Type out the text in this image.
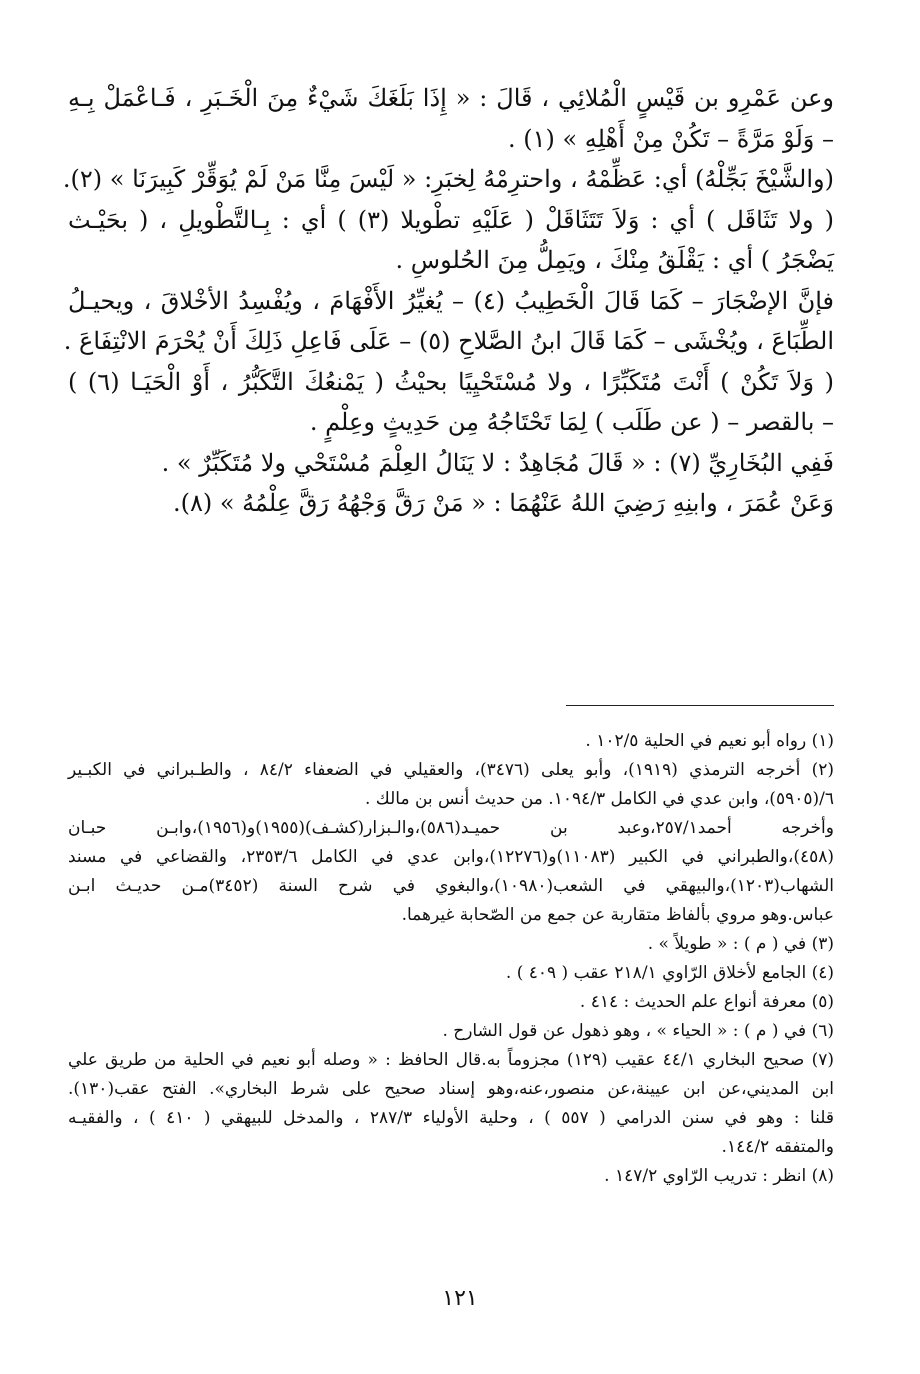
وعن عَمْرِو بن قَيْسٍ الْمُلائِي ، قَالَ : « إِذَا بَلَغَكَ شَيْءٌ مِنَ الْخَـبَرِ ، فَـاعْمَلْ بِـهِ
– وَلَوْ مَرَّةً – تَكُنْ مِنْ أَهْلِهِ » (١) .
(والشَّيْخَ بَجِّلْهُ) أي: عَظِّمْهُ ، واحترِمْهُ لِخبَرِ: « لَيْسَ مِنَّا مَنْ لَمْ يُوَقِّرْ كَبِيرَنَا » (٢).
( ولا تَثَاقَل ) أي : وَلاَ تَتَثَاقَلْ ( عَلَيْهِ تطْويلا (٣) ) أي : بِـالتَّطْويلِ ، ( بحَيْـث
يَضْجَرُ ) أي : يَقْلَقُ مِنْكَ ، ويَمِلُّ مِنَ الحُلوسِ .
فإنَّ الإضْجَارَ – كَمَا قَالَ الْخَطِيبُ (٤) – يُغيِّرُ الأَفْهَامَ ، ويُفْسِدُ الأخْلاقَ ، ويحيـلُ
الطِّبَاعَ ، ويُخْشَى – كَمَا قَالَ ابنُ الصَّلاحِ (٥) – عَلَى فَاعِلِ ذَلِكَ أَنْ يُحْرَمَ الانْتِفَاعَ .
( وَلاَ تَكُنْ ) أَنْتَ مُتَكَبِّرًا ، ولا مُسْتَحْيِيًا بحيْثُ ( يَمْنعُكَ التَّكَبُّرُ ، أَوْ الْحَيَـا (٦) )
– بالقصر – ( عن طَلَب ) لِمَا تَحْتَاجُهُ مِن حَدِيثٍ وعِلْمٍ .
فَفِي البُخَارِيِّ (٧) : « قَالَ مُجَاهِدٌ : لا يَنَالُ العِلْمَ مُسْتَحْي ولا مُتَكَبِّرٌ » .
وَعَنْ عُمَرَ ، وابنِهِ رَضِيَ اللهُ عَنْهُمَا : « مَنْ رَقَّ وَجْهُهُ رَقَّ عِلْمُهُ » (٨).
(١) رواه أبو نعيم في الحلية ١٠٢/٥ .
(٢) أخرجه الترمذي (١٩١٩)، وأبو يعلى (٣٤٧٦)، والعقيلي في الضعفاء ٨٤/٢ ، والطـبراني في الكبـير
٦/(٥٩٠٥)، وابن عدي في الكامل ١٠٩٤/٣. من حديث أنس بن مالك .
وأخرجه أحمد٢٥٧/١،وعبد بن حميـد(٥٨٦)،والـبزار(كشـف)(١٩٥٥)و(١٩٥٦)،وابـن حبـان
(٤٥٨)،والطبراني في الكبير (١١٠٨٣)و(١٢٢٧٦)،وابن عدي في الكامل ٢٣٥٣/٦، والقضاعي في مسند
الشهاب(١٢٠٣)،والبيهقي في الشعب(١٠٩٨٠)،والبغوي في شرح السنة (٣٤٥٢)مـن حديـث ابـن
عباس.وهو مروي بألفاظ متقاربة عن جمع من الصّحابة غيرهما.
(٣) في ( م ) : « طويلاً » .
(٤) الجامع لأخلاق الرّاوي ٢١٨/١ عقب ( ٤٠٩ ) .
(٥) معرفة أنواع علم الحديث : ٤١٤ .
(٦) في ( م ) : « الحياء » ، وهو ذهول عن قول الشارح .
(٧) صحيح البخاري ٤٤/١ عقيب (١٢٩) مجزوماً به.قال الحافظ : « وصله أبو نعيم في الحلية من طريق علي
ابن المديني،عن ابن عيينة،عن منصور،عنه،وهو إسناد صحيح على شرط البخاري». الفتح عقب(١٣٠).
قلنا : وهو في سنن الدرامي ( ٥٥٧ ) ، وحلية الأولياء ٢٨٧/٣ ، والمدخل للبيهقي ( ٤١٠ ) ، والفقيـه
والمتفقه ١٤٤/٢.
(٨) انظر : تدريب الرّاوي ١٤٧/٢ .
١٢١
